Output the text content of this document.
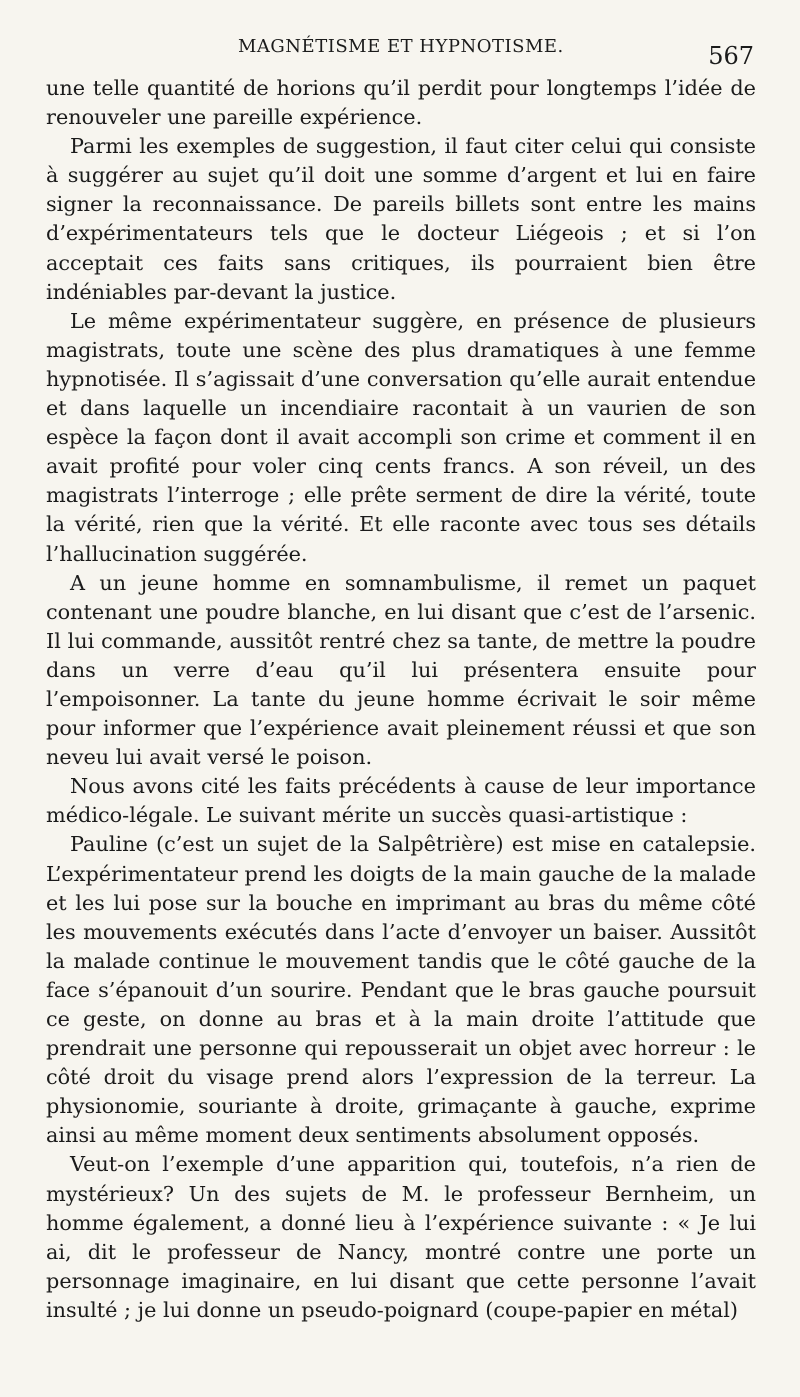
MAGNÉTISME ET HYPNOTISME.	567

une telle quantité de horions qu’il perdit pour longtemps l’idée de renouveler une pareille expérience.

Parmi les exemples de suggestion, il faut citer celui qui consiste à suggérer au sujet qu’il doit une somme d’argent et lui en faire signer la reconnaissance. De pareils billets sont entre les mains d’expérimentateurs tels que le docteur Liégeois ; et si l’on acceptait ces faits sans critiques, ils pourraient bien être indéniables par-devant la justice.

Le même expérimentateur suggère, en présence de plusieurs magistrats, toute une scène des plus dramatiques à une femme hypnotisée. Il s’agissait d’une conversation qu’elle aurait entendue et dans laquelle un incendiaire racontait à un vaurien de son espèce la façon dont il avait accompli son crime et comment il en avait profité pour voler cinq cents francs. A son réveil, un des magistrats l’interroge ; elle prête serment de dire la vérité, toute la vérité, rien que la vérité. Et elle raconte avec tous ses détails l’hallucination suggérée.

A un jeune homme en somnambulisme, il remet un paquet contenant une poudre blanche, en lui disant que c’est de l’arsenic. Il lui commande, aussitôt rentré chez sa tante, de mettre la poudre dans un verre d’eau qu’il lui présentera ensuite pour l’empoisonner. La tante du jeune homme écrivait le soir même pour informer que l’expérience avait pleinement réussi et que son neveu lui avait versé le poison.

Nous avons cité les faits précédents à cause de leur importance médico-légale. Le suivant mérite un succès quasi-artistique :

Pauline (c’est un sujet de la Salpêtrière) est mise en catalepsie. L’expérimentateur prend les doigts de la main gauche de la malade et les lui pose sur la bouche en imprimant au bras du même côté les mouvements exécutés dans l’acte d’envoyer un baiser. Aussitôt la malade continue le mouvement tandis que le côté gauche de la face s’épanouit d’un sourire. Pendant que le bras gauche poursuit ce geste, on donne au bras et à la main droite l’attitude que prendrait une personne qui repousserait un objet avec horreur : le côté droit du visage prend alors l’expression de la terreur. La physionomie, souriante à droite, grimaçante à gauche, exprime ainsi au même moment deux sentiments absolument opposés.

Veut-on l’exemple d’une apparition qui, toutefois, n’a rien de mystérieux? Un des sujets de M. le professeur Bernheim, un homme également, a donné lieu à l’expérience suivante : « Je lui ai, dit le professeur de Nancy, montré contre une porte un personnage imaginaire, en lui disant que cette personne l’avait insulté ; je lui donne un pseudo-poignard (coupe-papier en métal)
